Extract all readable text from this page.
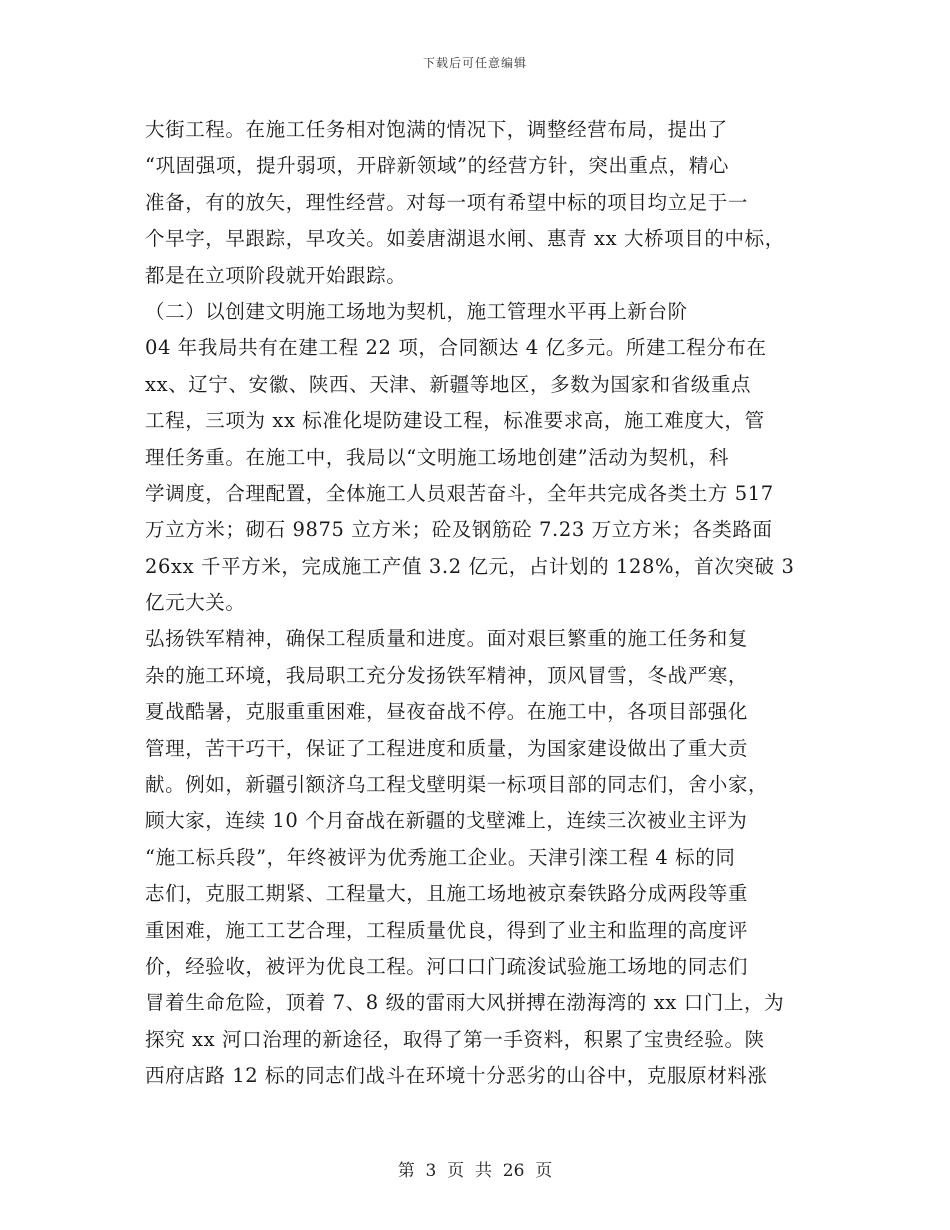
下载后可任意编辑
大街工程。在施工任务相对饱满的情况下，调整经营布局，提出了
“巩固强项，提升弱项，开辟新领域”的经营方针，突出重点，精心
准备，有的放矢，理性经营。对每一项有希望中标的项目均立足于一
个早字，早跟踪，早攻关。如姜唐湖退水闸、惠青 xx 大桥项目的中标，
都是在立项阶段就开始跟踪。
（二）以创建文明施工场地为契机，施工管理水平再上新台阶
04 年我局共有在建工程 22 项，合同额达 4 亿多元。所建工程分布在
xx、辽宁、安徽、陕西、天津、新疆等地区，多数为国家和省级重点
工程，三项为 xx 标准化堤防建设工程，标准要求高，施工难度大，管
理任务重。在施工中，我局以“文明施工场地创建”活动为契机，科
学调度，合理配置，全体施工人员艰苦奋斗，全年共完成各类土方 517
万立方米；砌石 9875 立方米；砼及钢筋砼 7.23 万立方米；各类路面
26xx 千平方米，完成施工产值 3.2 亿元，占计划的 128%，首次突破 3
亿元大关。
弘扬铁军精神，确保工程质量和进度。面对艰巨繁重的施工任务和复
杂的施工环境，我局职工充分发扬铁军精神，顶风冒雪，冬战严寒，
夏战酷暑，克服重重困难，昼夜奋战不停。在施工中，各项目部强化
管理，苦干巧干，保证了工程进度和质量，为国家建设做出了重大贡
献。例如，新疆引额济乌工程戈壁明渠一标项目部的同志们，舍小家，
顾大家，连续 10 个月奋战在新疆的戈壁滩上，连续三次被业主评为
“施工标兵段”，年终被评为优秀施工企业。天津引滦工程 4 标的同
志们，克服工期紧、工程量大，且施工场地被京秦铁路分成两段等重
重困难，施工工艺合理，工程质量优良，得到了业主和监理的高度评
价，经验收，被评为优良工程。河口口门疏浚试验施工场地的同志们
冒着生命危险，顶着 7、8 级的雷雨大风拼搏在渤海湾的 xx 口门上，为
探究 xx 河口治理的新途径，取得了第一手资料，积累了宝贵经验。陕
西府店路 12 标的同志们战斗在环境十分恶劣的山谷中，克服原材料涨
第  3  页  共  26  页
